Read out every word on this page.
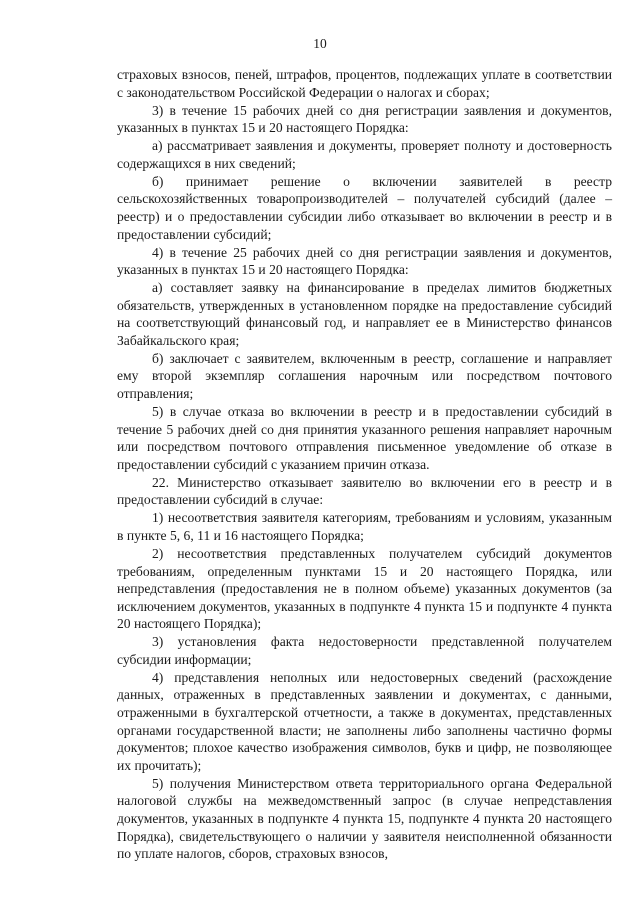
10

страховых взносов, пеней, штрафов, процентов, подлежащих уплате в соответствии с законодательством Российской Федерации о налогах и сборах;

3) в течение 15 рабочих дней со дня регистрации заявления и документов, указанных в пунктах 15 и 20 настоящего Порядка:

а) рассматривает заявления и документы, проверяет полноту и достоверность содержащихся в них сведений;

б) принимает решение о включении заявителей в реестр сельскохозяйственных товаропроизводителей – получателей субсидий (далее – реестр) и о предоставлении субсидии либо отказывает во включении в реестр и в предоставлении субсидий;

4) в течение 25 рабочих дней со дня регистрации заявления и документов, указанных в пунктах 15 и 20 настоящего Порядка:

а) составляет заявку на финансирование в пределах лимитов бюджетных обязательств, утвержденных в установленном порядке на предоставление субсидий на соответствующий финансовый год, и направляет ее в Министерство финансов Забайкальского края;

б) заключает с заявителем, включенным в реестр, соглашение и направляет ему второй экземпляр соглашения нарочным или посредством почтового отправления;

5) в случае отказа во включении в реестр и в предоставлении субсидий в течение 5 рабочих дней со дня принятия указанного решения направляет нарочным или посредством почтового отправления письменное уведомление об отказе в предоставлении субсидий с указанием причин отказа.

22. Министерство отказывает заявителю во включении его в реестр и в предоставлении субсидий в случае:

1) несоответствия заявителя категориям, требованиям и условиям, указанным в пункте 5, 6, 11 и 16 настоящего Порядка;

2) несоответствия представленных получателем субсидий документов требованиям, определенным пунктами 15 и 20 настоящего Порядка, или непредставления (предоставления не в полном объеме) указанных документов (за исключением документов, указанных в подпункте 4 пункта 15 и подпункте 4 пункта 20 настоящего Порядка);

3) установления факта недостоверности представленной получателем субсидии информации;

4) представления неполных или недостоверных сведений (расхождение данных, отраженных в представленных заявлении и документах, с данными, отраженными в бухгалтерской отчетности, а также в документах, представленных органами государственной власти; не заполнены либо заполнены частично формы документов; плохое качество изображения символов, букв и цифр, не позволяющее их прочитать);

5) получения Министерством ответа территориального органа Федеральной налоговой службы на межведомственный запрос (в случае непредставления документов, указанных в подпункте 4 пункта 15, подпункте 4 пункта 20 настоящего Порядка), свидетельствующего о наличии у заявителя неисполненной обязанности по уплате налогов, сборов, страховых взносов,
